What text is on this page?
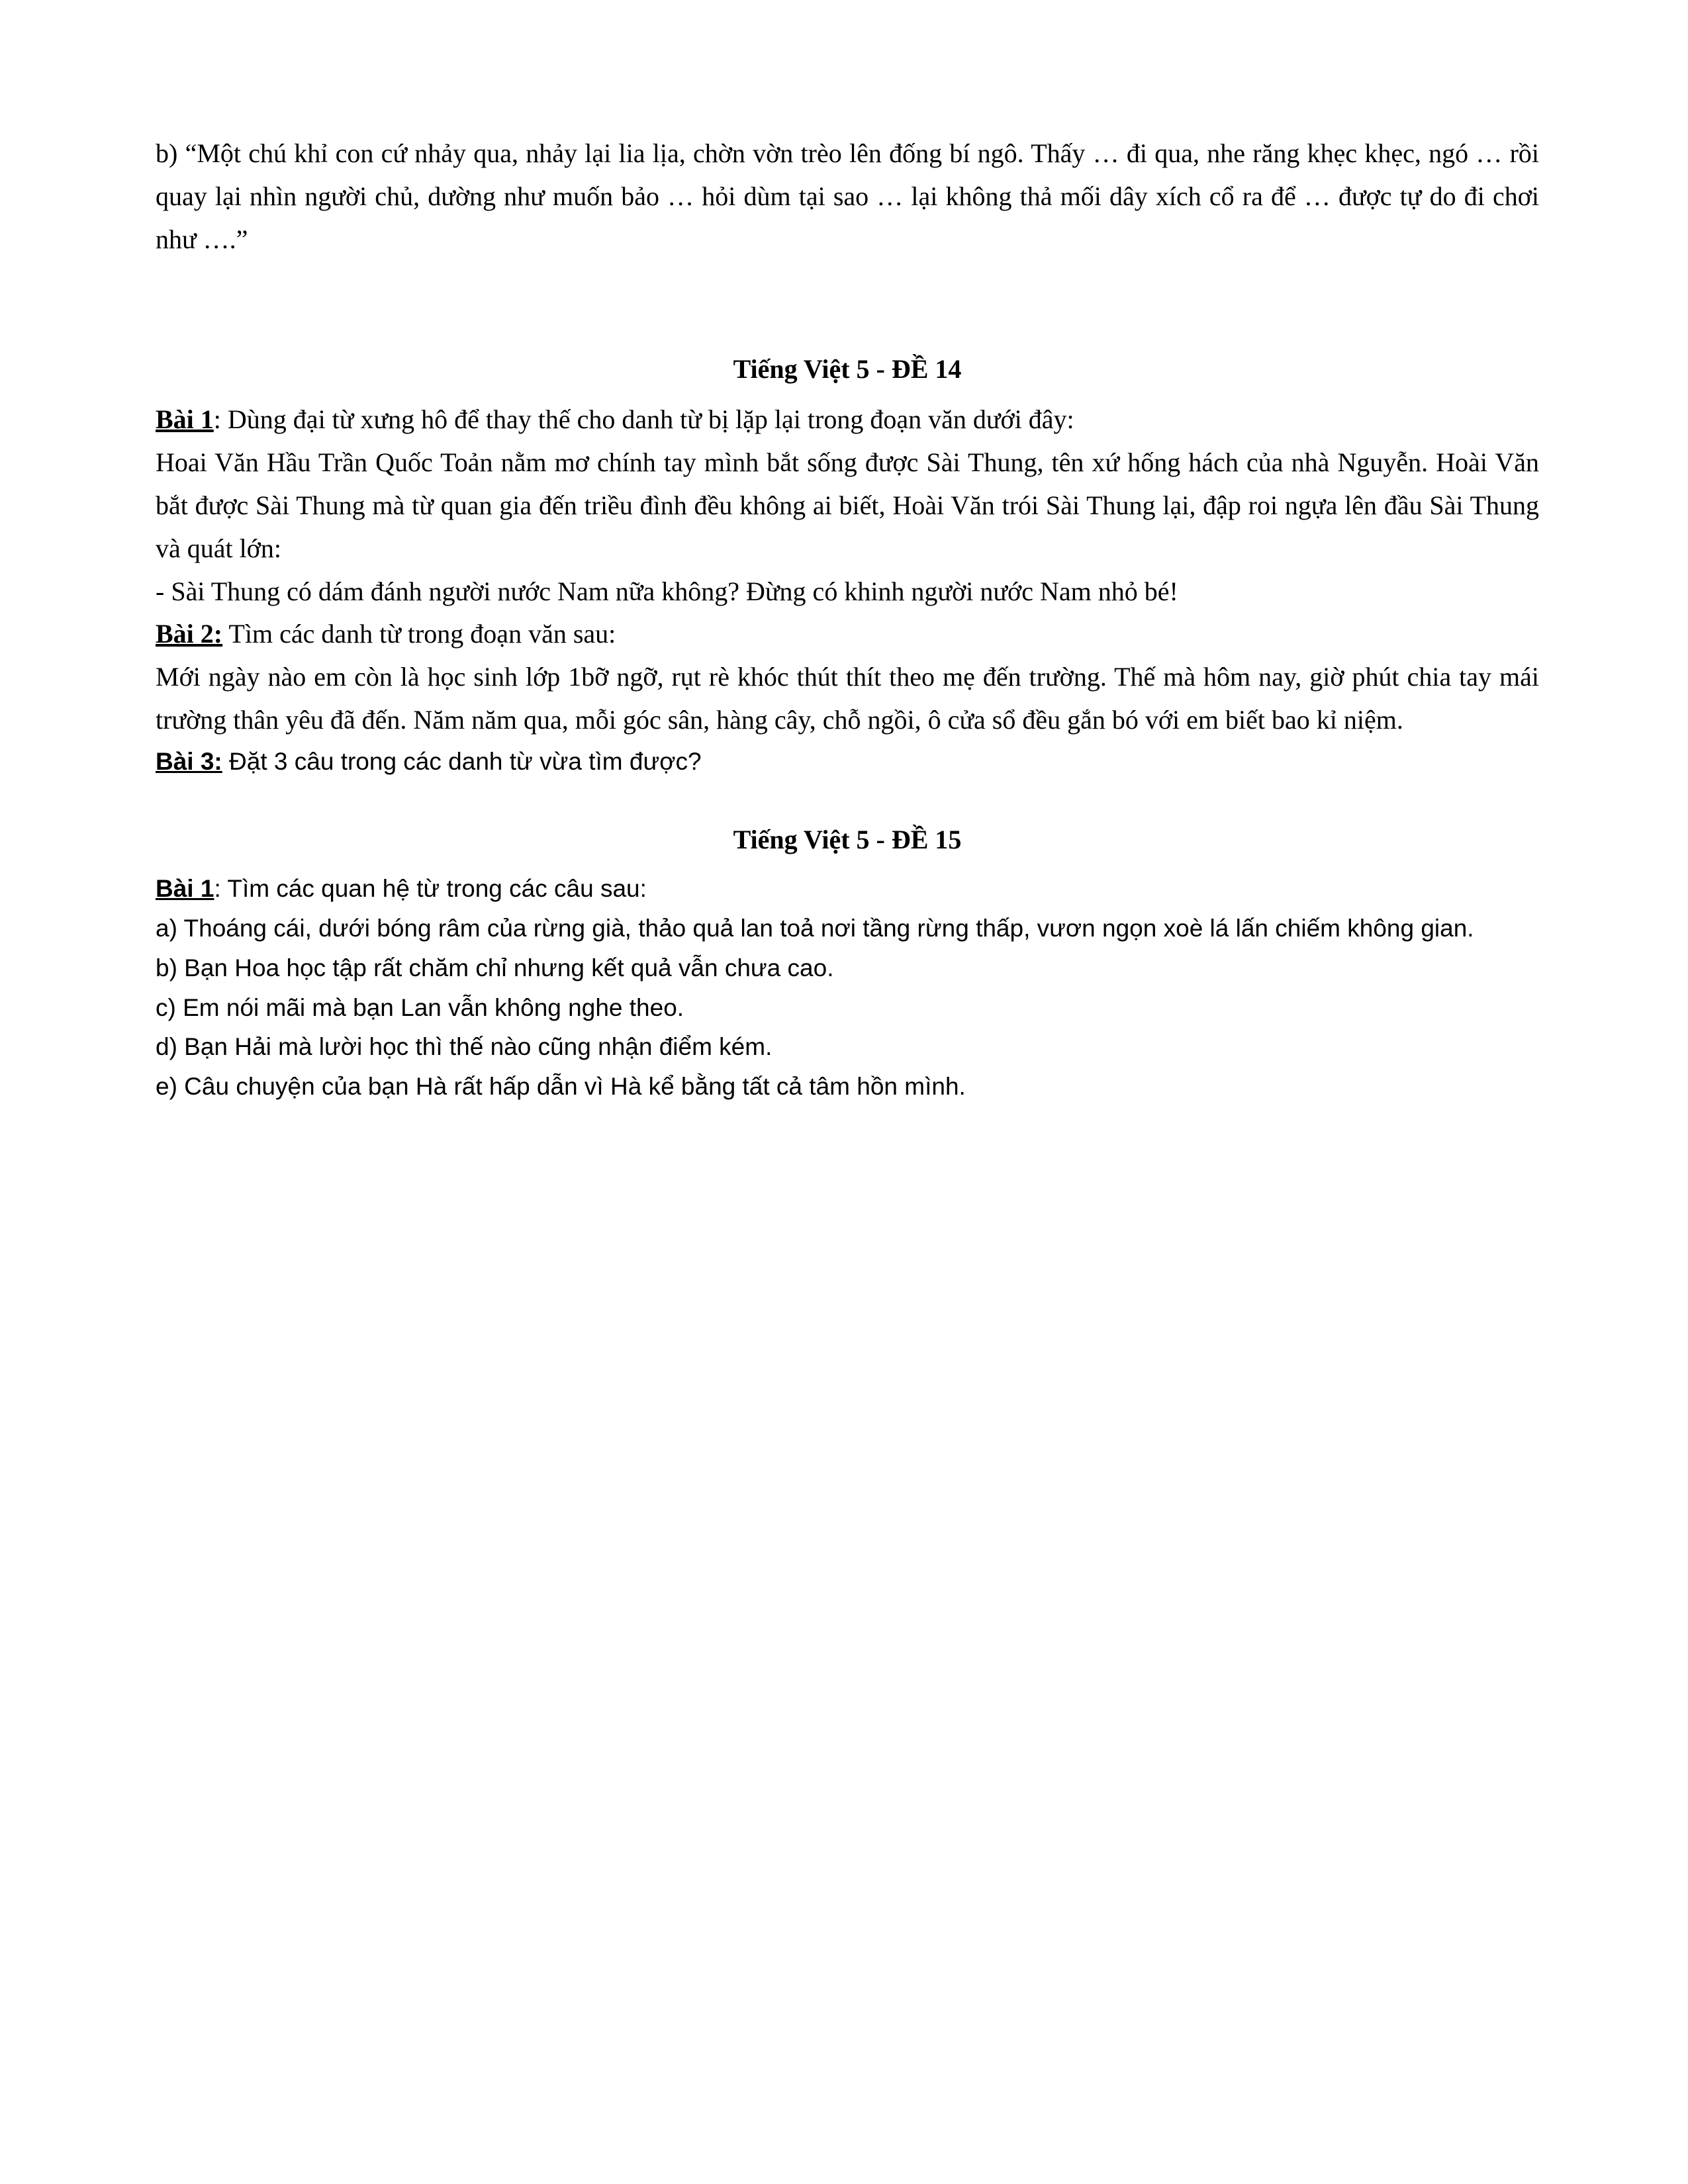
b) “Một chú khỉ con cứ nhảy qua, nhảy lại lia lịa, chờn vờn trèo lên đống bí ngô. Thấy … đi qua, nhe răng khẹc khẹc, ngó … rồi quay lại nhìn người chủ, dường như muốn bảo … hỏi dùm tại sao … lại không thả mối dây xích cổ ra để … được tự do đi chơi như ….”
Tiếng Việt 5 - ĐỀ 14
Bài 1: Dùng đại từ xưng hô để thay thế cho danh từ bị lặp lại trong đoạn văn dưới đây:
Hoai Văn Hầu Trần Quốc Toản nằm mơ chính tay mình bắt sống được Sài Thung, tên xứ hống hách của nhà Nguyễn. Hoài Văn bắt được Sài Thung mà từ quan gia đến triều đình đều không ai biết, Hoài Văn trói Sài Thung lại, đập roi ngựa lên đầu Sài Thung và quát lớn:
- Sài Thung có dám đánh người nước Nam nữa không? Đừng có khinh người nước Nam nhỏ bé!
Bài 2: Tìm các danh từ trong đoạn văn sau:
Mới ngày nào em còn là học sinh lớp 1bỡ ngỡ, rụt rè khóc thút thít theo mẹ đến trường. Thế mà hôm nay, giờ phút chia tay mái trường thân yêu đã đến. Năm năm qua, mỗi góc sân, hàng cây, chỗ ngồi, ô cửa sổ đều gắn bó với em biết bao kỉ niệm.
Bài 3: Đặt 3 câu trong các danh từ vừa tìm được?
Tiếng Việt 5 - ĐỀ 15
Bài 1: Tìm các quan hệ từ trong các câu sau:
a) Thoáng cái, dưới bóng râm của rừng già, thảo quả lan toả nơi tầng rừng thấp, vươn ngọn xoè lá lấn chiếm không gian.
b) Bạn Hoa học tập rất chăm chỉ nhưng kết quả vẫn chưa cao.
c) Em nói mãi mà bạn Lan vẫn không nghe theo.
d) Bạn Hải mà lười học thì thế nào cũng nhận điểm kém.
e) Câu chuyện của bạn Hà rất hấp dẫn vì Hà kể bằng tất cả tâm hồn mình.
